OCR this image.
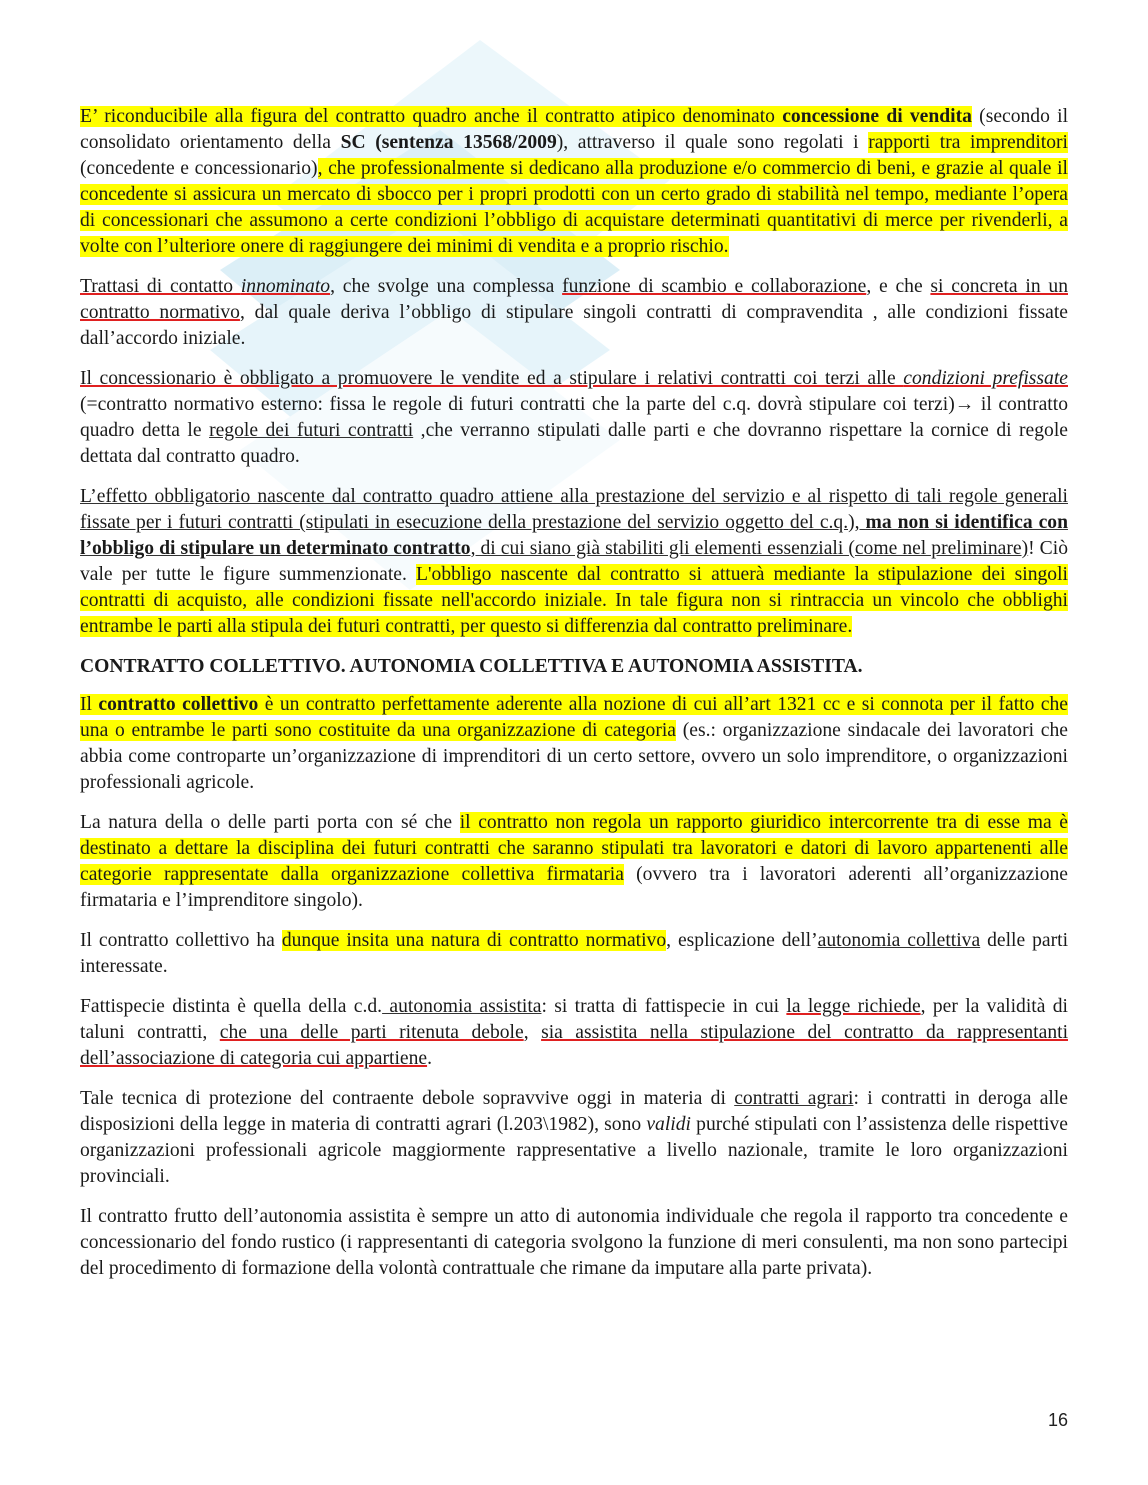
E’ riconducibile alla figura del contratto quadro anche il contratto atipico denominato concessione di vendita (secondo il consolidato orientamento della SC (sentenza 13568/2009), attraverso il quale sono regolati i rapporti tra imprenditori (concedente e concessionario), che professionalmente si dedicano alla produzione e/o commercio di beni, e grazie al quale il concedente si assicura un mercato di sbocco per i propri prodotti con un certo grado di stabilità nel tempo, mediante l’opera di concessionari che assumono a certe condizioni l’obbligo di acquistare determinati quantitativi di merce per rivenderli, a volte con l’ulteriore onere di raggiungere dei minimi di vendita e a proprio rischio.

Trattasi di contatto innominato, che svolge una complessa funzione di scambio e collaborazione, e che si concreta in un contratto normativo, dal quale deriva l’obbligo di stipulare singoli contratti di compravendita , alle condizioni fissate dall’accordo iniziale.

Il concessionario è obbligato a promuovere le vendite ed a stipulare i relativi contratti coi terzi alle condizioni prefissate (=contratto normativo esterno: fissa le regole di futuri contratti che la parte del c.q. dovrà stipulare coi terzi)→ il contratto quadro detta le regole dei futuri contratti ,che verranno stipulati dalle parti e che dovranno rispettare la cornice di regole dettata dal contratto quadro.

L’effetto obbligatorio nascente dal contratto quadro attiene alla prestazione del servizio e al rispetto di tali regole generali fissate per i futuri contratti (stipulati in esecuzione della prestazione del servizio oggetto del c.q.), ma non si identifica con l’obbligo di stipulare un determinato contratto, di cui siano già stabiliti gli elementi essenziali (come nel preliminare)! Ciò vale per tutte le figure summenzionate. L'obbligo nascente dal contratto si attuerà mediante la stipulazione dei singoli contratti di acquisto, alle condizioni fissate nell'accordo iniziale. In tale figura non si rintraccia un vincolo che obblighi entrambe le parti alla stipula dei futuri contratti, per questo si differenzia dal contratto preliminare.

CONTRATTO COLLETTIVO. AUTONOMIA COLLETTIVA E AUTONOMIA ASSISTITA.

Il contratto collettivo è un contratto perfettamente aderente alla nozione di cui all’art 1321 cc e si connota per il fatto che una o entrambe le parti sono costituite da una organizzazione di categoria (es.: organizzazione sindacale dei lavoratori che abbia come controparte un’organizzazione di imprenditori di un certo settore, ovvero un solo imprenditore, o organizzazioni professionali agricole.

La natura della o delle parti porta con sé che il contratto non regola un rapporto giuridico intercorrente tra di esse ma è destinato a dettare la disciplina dei futuri contratti che saranno stipulati tra lavoratori e datori di lavoro appartenenti alle categorie rappresentate dalla organizzazione collettiva firmataria (ovvero tra i lavoratori aderenti all’organizzazione firmataria e l’imprenditore singolo).

Il contratto collettivo ha dunque insita una natura di contratto normativo, esplicazione dell’autonomia collettiva delle parti interessate.

Fattispecie distinta è quella della c.d. autonomia assistita: si tratta di fattispecie in cui la legge richiede, per la validità di taluni contratti, che una delle parti ritenuta debole, sia assistita nella stipulazione del contratto da rappresentanti dell’associazione di categoria cui appartiene.

Tale tecnica di protezione del contraente debole sopravvive oggi in materia di contratti agrari: i contratti in deroga alle disposizioni della legge in materia di contratti agrari (l.203\1982), sono validi purché stipulati con l’assistenza delle rispettive organizzazioni professionali agricole maggiormente rappresentative a livello nazionale, tramite le loro organizzazioni provinciali.

Il contratto frutto dell’autonomia assistita è sempre un atto di autonomia individuale che regola il rapporto tra concedente e concessionario del fondo rustico (i rappresentanti di categoria svolgono la funzione di meri consulenti, ma non sono partecipi del procedimento di formazione della volontà contrattuale che rimane da imputare alla parte privata).

16
